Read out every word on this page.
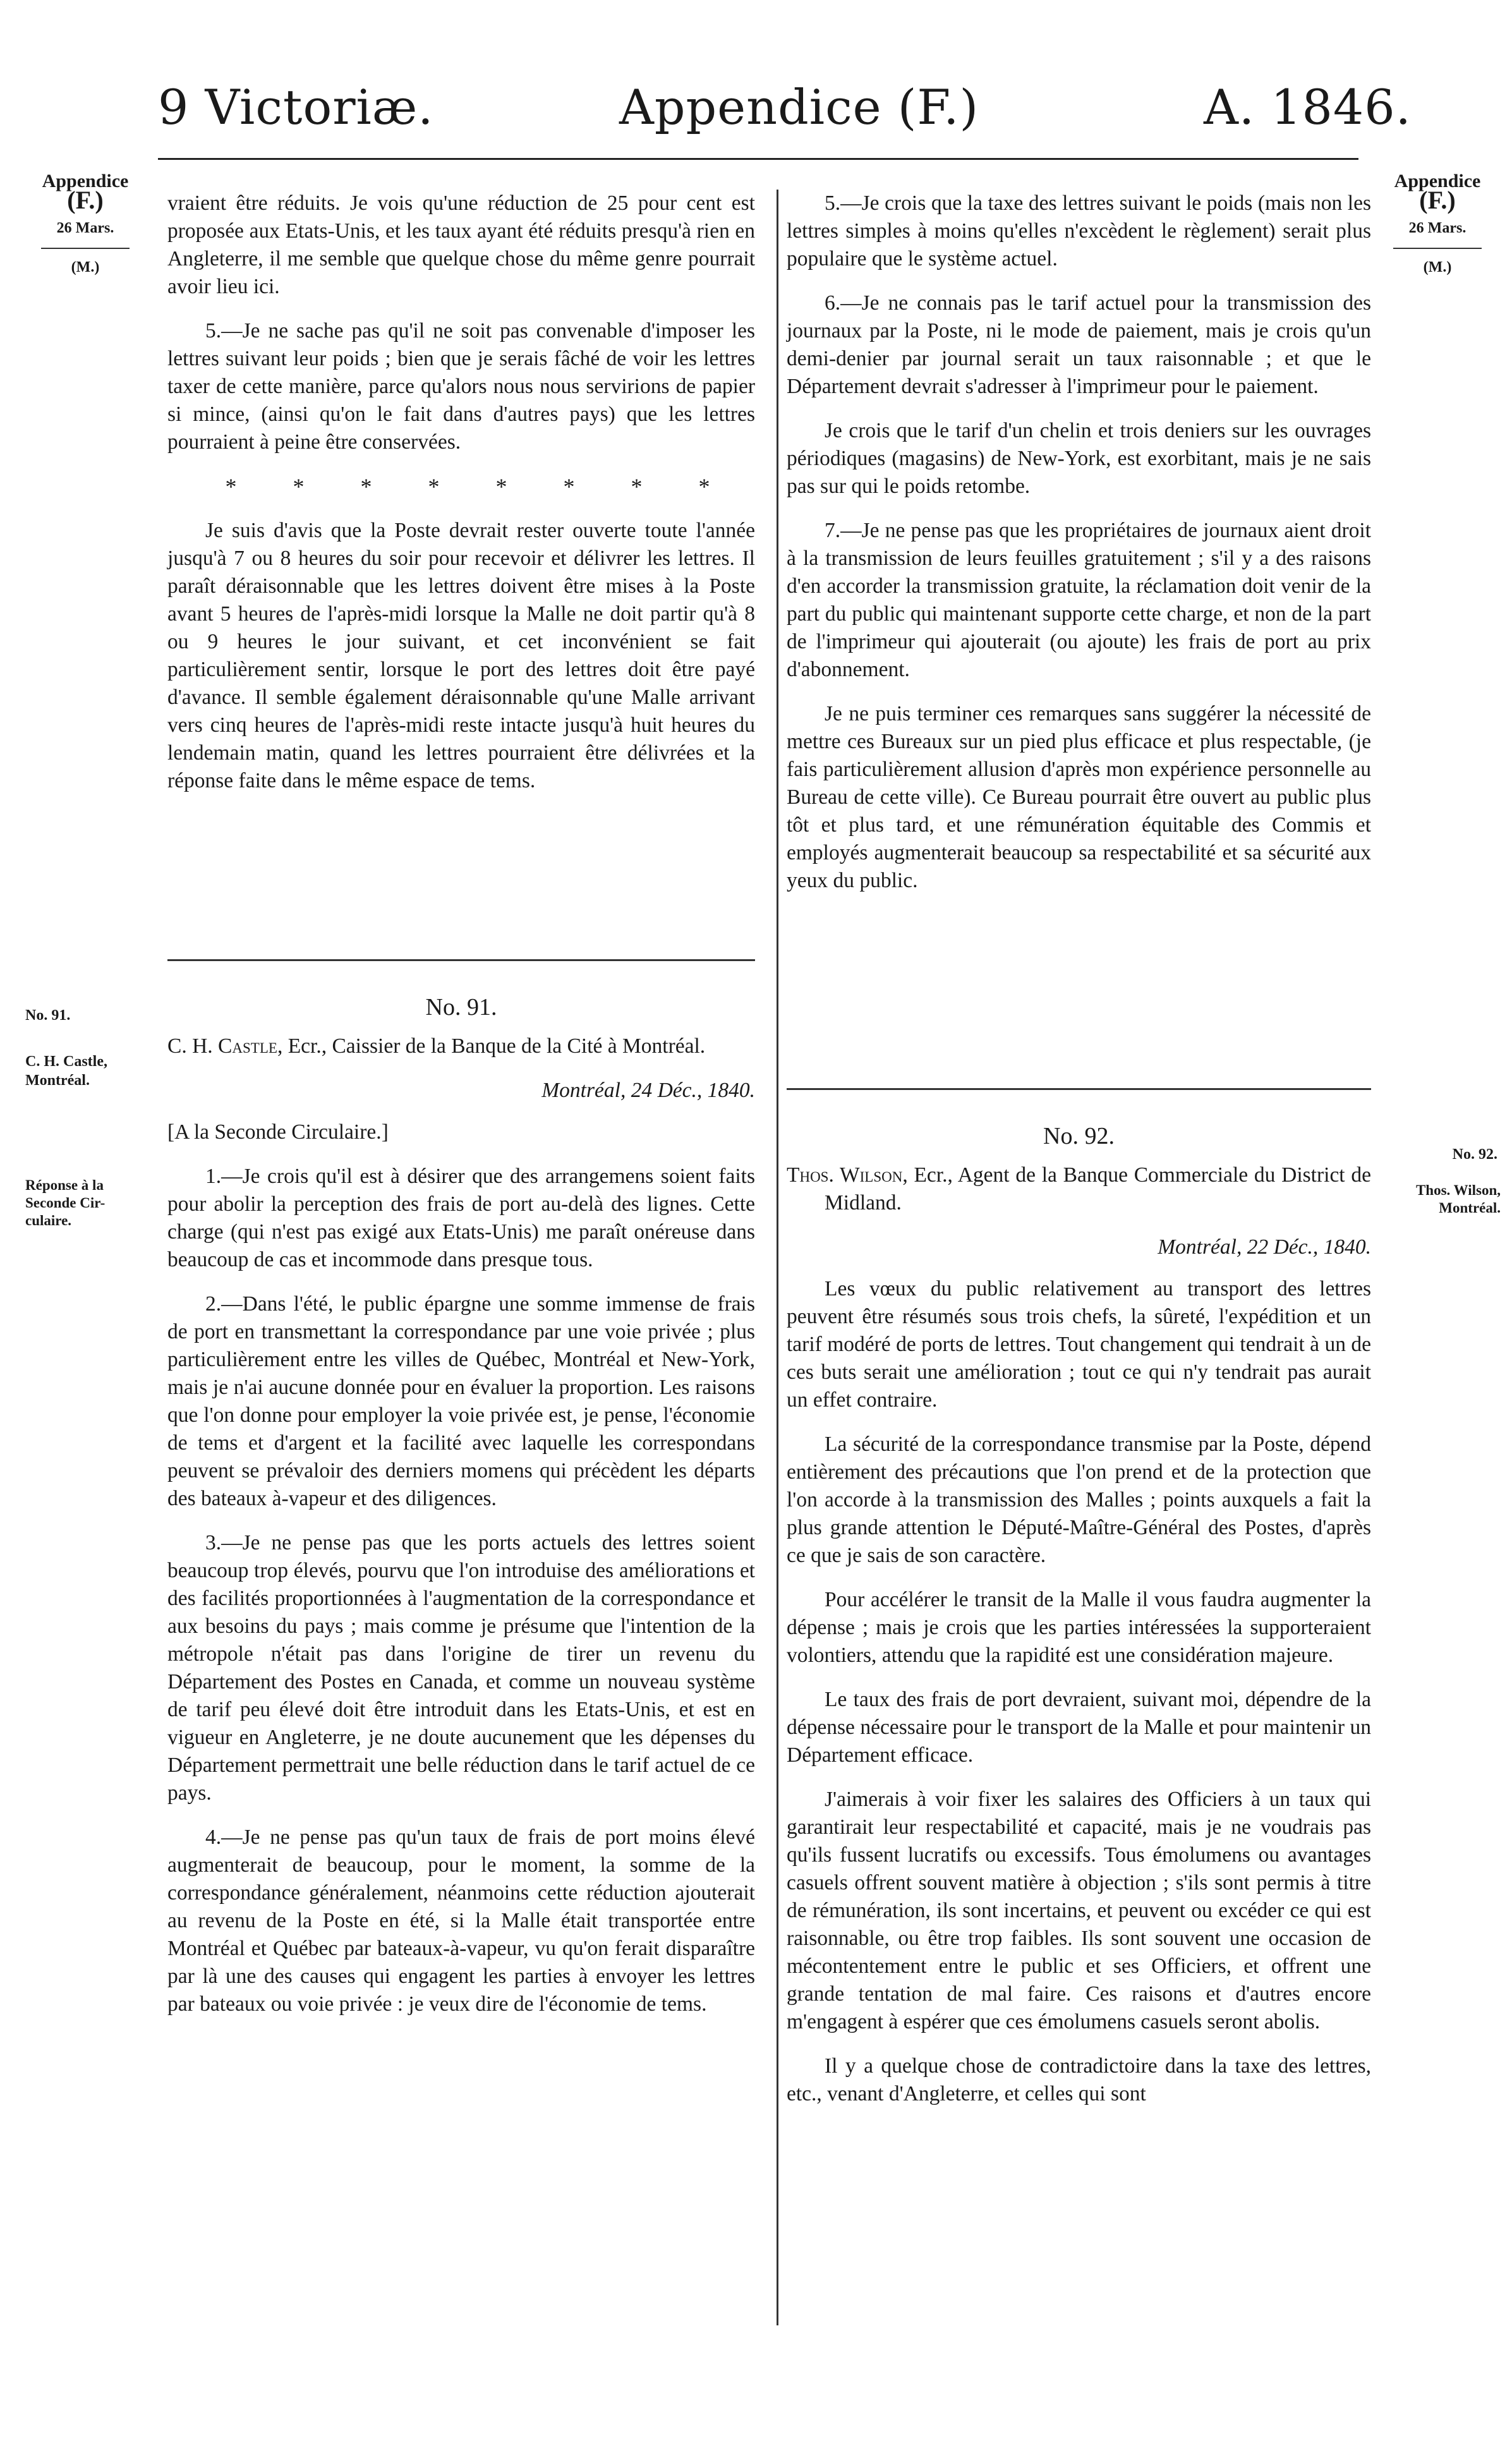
9 Victoriæ.	Appendice (F.)	A. 1846.
Appendice
(F.)
26 Mars.
(M.)
No. 91.
C. H. Castle,
Montréal.
Réponse à la
Seconde Cir-
culaire.
Appendice
(F.)
26 Mars.
(M.)
No. 92.
Thos. Wilson,
Montréal.

vraient être réduits. Je vois qu'une réduction de 25 pour cent est proposée aux Etats-Unis, et les taux ayant été réduits presqu'à rien en Angleterre, il me semble que quelque chose du même genre pourrait avoir lieu ici.

5.—Je ne sache pas qu'il ne soit pas convenable d'imposer les lettres suivant leur poids ; bien que je serais fâché de voir les lettres taxer de cette manière, parce qu'alors nous nous servirions de papier si mince, (ainsi qu'on le fait dans d'autres pays) que les lettres pourraient à peine être conservées.

* * * * * * * *

Je suis d'avis que la Poste devrait rester ouverte toute l'année jusqu'à 7 ou 8 heures du soir pour recevoir et délivrer les lettres. Il paraît déraisonnable que les lettres doivent être mises à la Poste avant 5 heures de l'après-midi lorsque la Malle ne doit partir qu'à 8 ou 9 heures le jour suivant, et cet inconvénient se fait particulièrement sentir, lorsque le port des lettres doit être payé d'avance. Il semble également déraisonnable qu'une Malle arrivant vers cinq heures de l'après-midi reste intacte jusqu'à huit heures du lendemain matin, quand les lettres pourraient être délivrées et la réponse faite dans le même espace de tems.

No. 91.

C. H. Castle, Ecr., Caissier de la Banque de la Cité à Montréal.

Montréal, 24 Déc., 1840.

[A la Seconde Circulaire.]

1.—Je crois qu'il est à désirer que des arrangemens soient faits pour abolir la perception des frais de port au-delà des lignes. Cette charge (qui n'est pas exigé aux Etats-Unis) me paraît onéreuse dans beaucoup de cas et incommode dans presque tous.

2.—Dans l'été, le public épargne une somme immense de frais de port en transmettant la correspondance par une voie privée ; plus particulièrement entre les villes de Québec, Montréal et New-York, mais je n'ai aucune donnée pour en évaluer la proportion. Les raisons que l'on donne pour employer la voie privée est, je pense, l'économie de tems et d'argent et la facilité avec laquelle les correspondans peuvent se prévaloir des derniers momens qui précèdent les départs des bateaux à-vapeur et des diligences.

3.—Je ne pense pas que les ports actuels des lettres soient beaucoup trop élevés, pourvu que l'on introduise des améliorations et des facilités proportionnées à l'augmentation de la correspondance et aux besoins du pays ; mais comme je présume que l'intention de la métropole n'était pas dans l'origine de tirer un revenu du Département des Postes en Canada, et comme un nouveau système de tarif peu élevé doit être introduit dans les Etats-Unis, et est en vigueur en Angleterre, je ne doute aucunement que les dépenses du Département permettrait une belle réduction dans le tarif actuel de ce pays.

4.—Je ne pense pas qu'un taux de frais de port moins élevé augmenterait de beaucoup, pour le moment, la somme de la correspondance généralement, néanmoins cette réduction ajouterait au revenu de la Poste en été, si la Malle était transportée entre Montréal et Québec par bateaux-à-vapeur, vu qu'on ferait disparaître par là une des causes qui engagent les parties à envoyer les lettres par bateaux ou voie privée : je veux dire de l'économie de tems.

5.—Je crois que la taxe des lettres suivant le poids (mais non les lettres simples à moins qu'elles n'excèdent le règlement) serait plus populaire que le système actuel.

6.—Je ne connais pas le tarif actuel pour la transmission des journaux par la Poste, ni le mode de paiement, mais je crois qu'un demi-denier par journal serait un taux raisonnable ; et que le Département devrait s'adresser à l'imprimeur pour le paiement.

Je crois que le tarif d'un chelin et trois deniers sur les ouvrages périodiques (magasins) de New-York, est exorbitant, mais je ne sais pas sur qui le poids retombe.

7.—Je ne pense pas que les propriétaires de journaux aient droit à la transmission de leurs feuilles gratuitement ; s'il y a des raisons d'en accorder la transmission gratuite, la réclamation doit venir de la part du public qui maintenant supporte cette charge, et non de la part de l'imprimeur qui ajouterait (ou ajoute) les frais de port au prix d'abonnement.

Je ne puis terminer ces remarques sans suggérer la nécessité de mettre ces Bureaux sur un pied plus efficace et plus respectable, (je fais particulièrement allusion d'après mon expérience personnelle au Bureau de cette ville). Ce Bureau pourrait être ouvert au public plus tôt et plus tard, et une rémunération équitable des Commis et employés augmenterait beaucoup sa respectabilité et sa sécurité aux yeux du public.

No. 92.

Thos. Wilson, Ecr., Agent de la Banque Commerciale du District de Midland.

Montréal, 22 Déc., 1840.

Les vœux du public relativement au transport des lettres peuvent être résumés sous trois chefs, la sûreté, l'expédition et un tarif modéré de ports de lettres. Tout changement qui tendrait à un de ces buts serait une amélioration ; tout ce qui n'y tendrait pas aurait un effet contraire.

La sécurité de la correspondance transmise par la Poste, dépend entièrement des précautions que l'on prend et de la protection que l'on accorde à la transmission des Malles ; points auxquels a fait la plus grande attention le Député-Maître-Général des Postes, d'après ce que je sais de son caractère.

Pour accélérer le transit de la Malle il vous faudra augmenter la dépense ; mais je crois que les parties intéressées la supporteraient volontiers, attendu que la rapidité est une considération majeure.

Le taux des frais de port devraient, suivant moi, dépendre de la dépense nécessaire pour le transport de la Malle et pour maintenir un Département efficace.

J'aimerais à voir fixer les salaires des Officiers à un taux qui garantirait leur respectabilité et capacité, mais je ne voudrais pas qu'ils fussent lucratifs ou excessifs. Tous émolumens ou avantages casuels offrent souvent matière à objection ; s'ils sont permis à titre de rémunération, ils sont incertains, et peuvent ou excéder ce qui est raisonnable, ou être trop faibles. Ils sont souvent une occasion de mécontentement entre le public et ses Officiers, et offrent une grande tentation de mal faire. Ces raisons et d'autres encore m'engagent à espérer que ces émolumens casuels seront abolis.

Il y a quelque chose de contradictoire dans la taxe des lettres, etc., venant d'Angleterre, et celles qui sont
